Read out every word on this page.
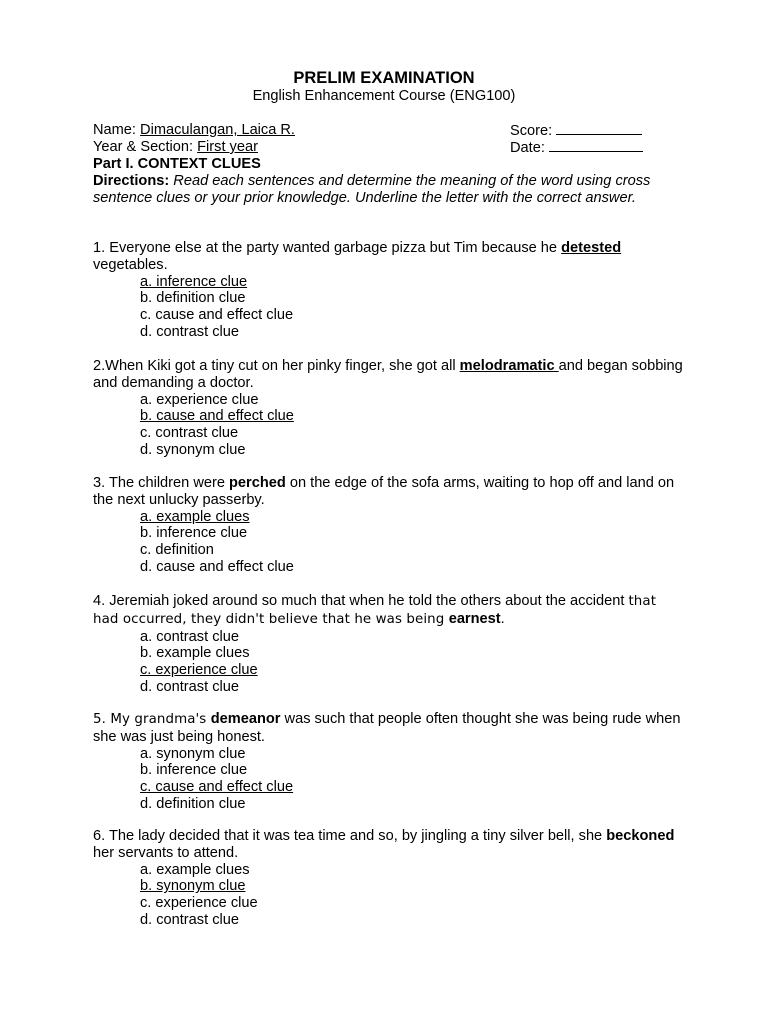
PRELIM EXAMINATION
English Enhancement Course (ENG100)
Name: Dimaculangan, Laica R.	Score:
Year & Section: First year	Date:
Part I. CONTEXT CLUES
Directions: Read each sentences and determine the meaning of the word using cross sentence clues or your prior knowledge. Underline the letter with the correct answer.
1. Everyone else at the party wanted garbage pizza but Tim because he detested vegetables.
a. inference clue
b. definition clue
c. cause and effect clue
d. contrast clue
2.When Kiki got a tiny cut on her pinky finger, she got all melodramatic and began sobbing and demanding a doctor.
a. experience clue
b. cause and effect clue
c. contrast clue
d. synonym clue
3. The children were perched on the edge of the sofa arms, waiting to hop off and land on the next unlucky passerby.
a. example clues
b. inference clue
c. definition
d. cause and effect clue
4. Jeremiah joked around so much that when he told the others about the accident that had occurred, they didn't believe that he was being earnest.
a. contrast clue
b. example clues
c. experience clue
d. contrast clue
5. My grandma's demeanor was such that people often thought she was being rude when she was just being honest.
a. synonym clue
b. inference clue
c. cause and effect clue
d. definition clue
6. The lady decided that it was tea time and so, by jingling a tiny silver bell, she beckoned her servants to attend.
a. example clues
b. synonym clue
c. experience clue
d. contrast clue
